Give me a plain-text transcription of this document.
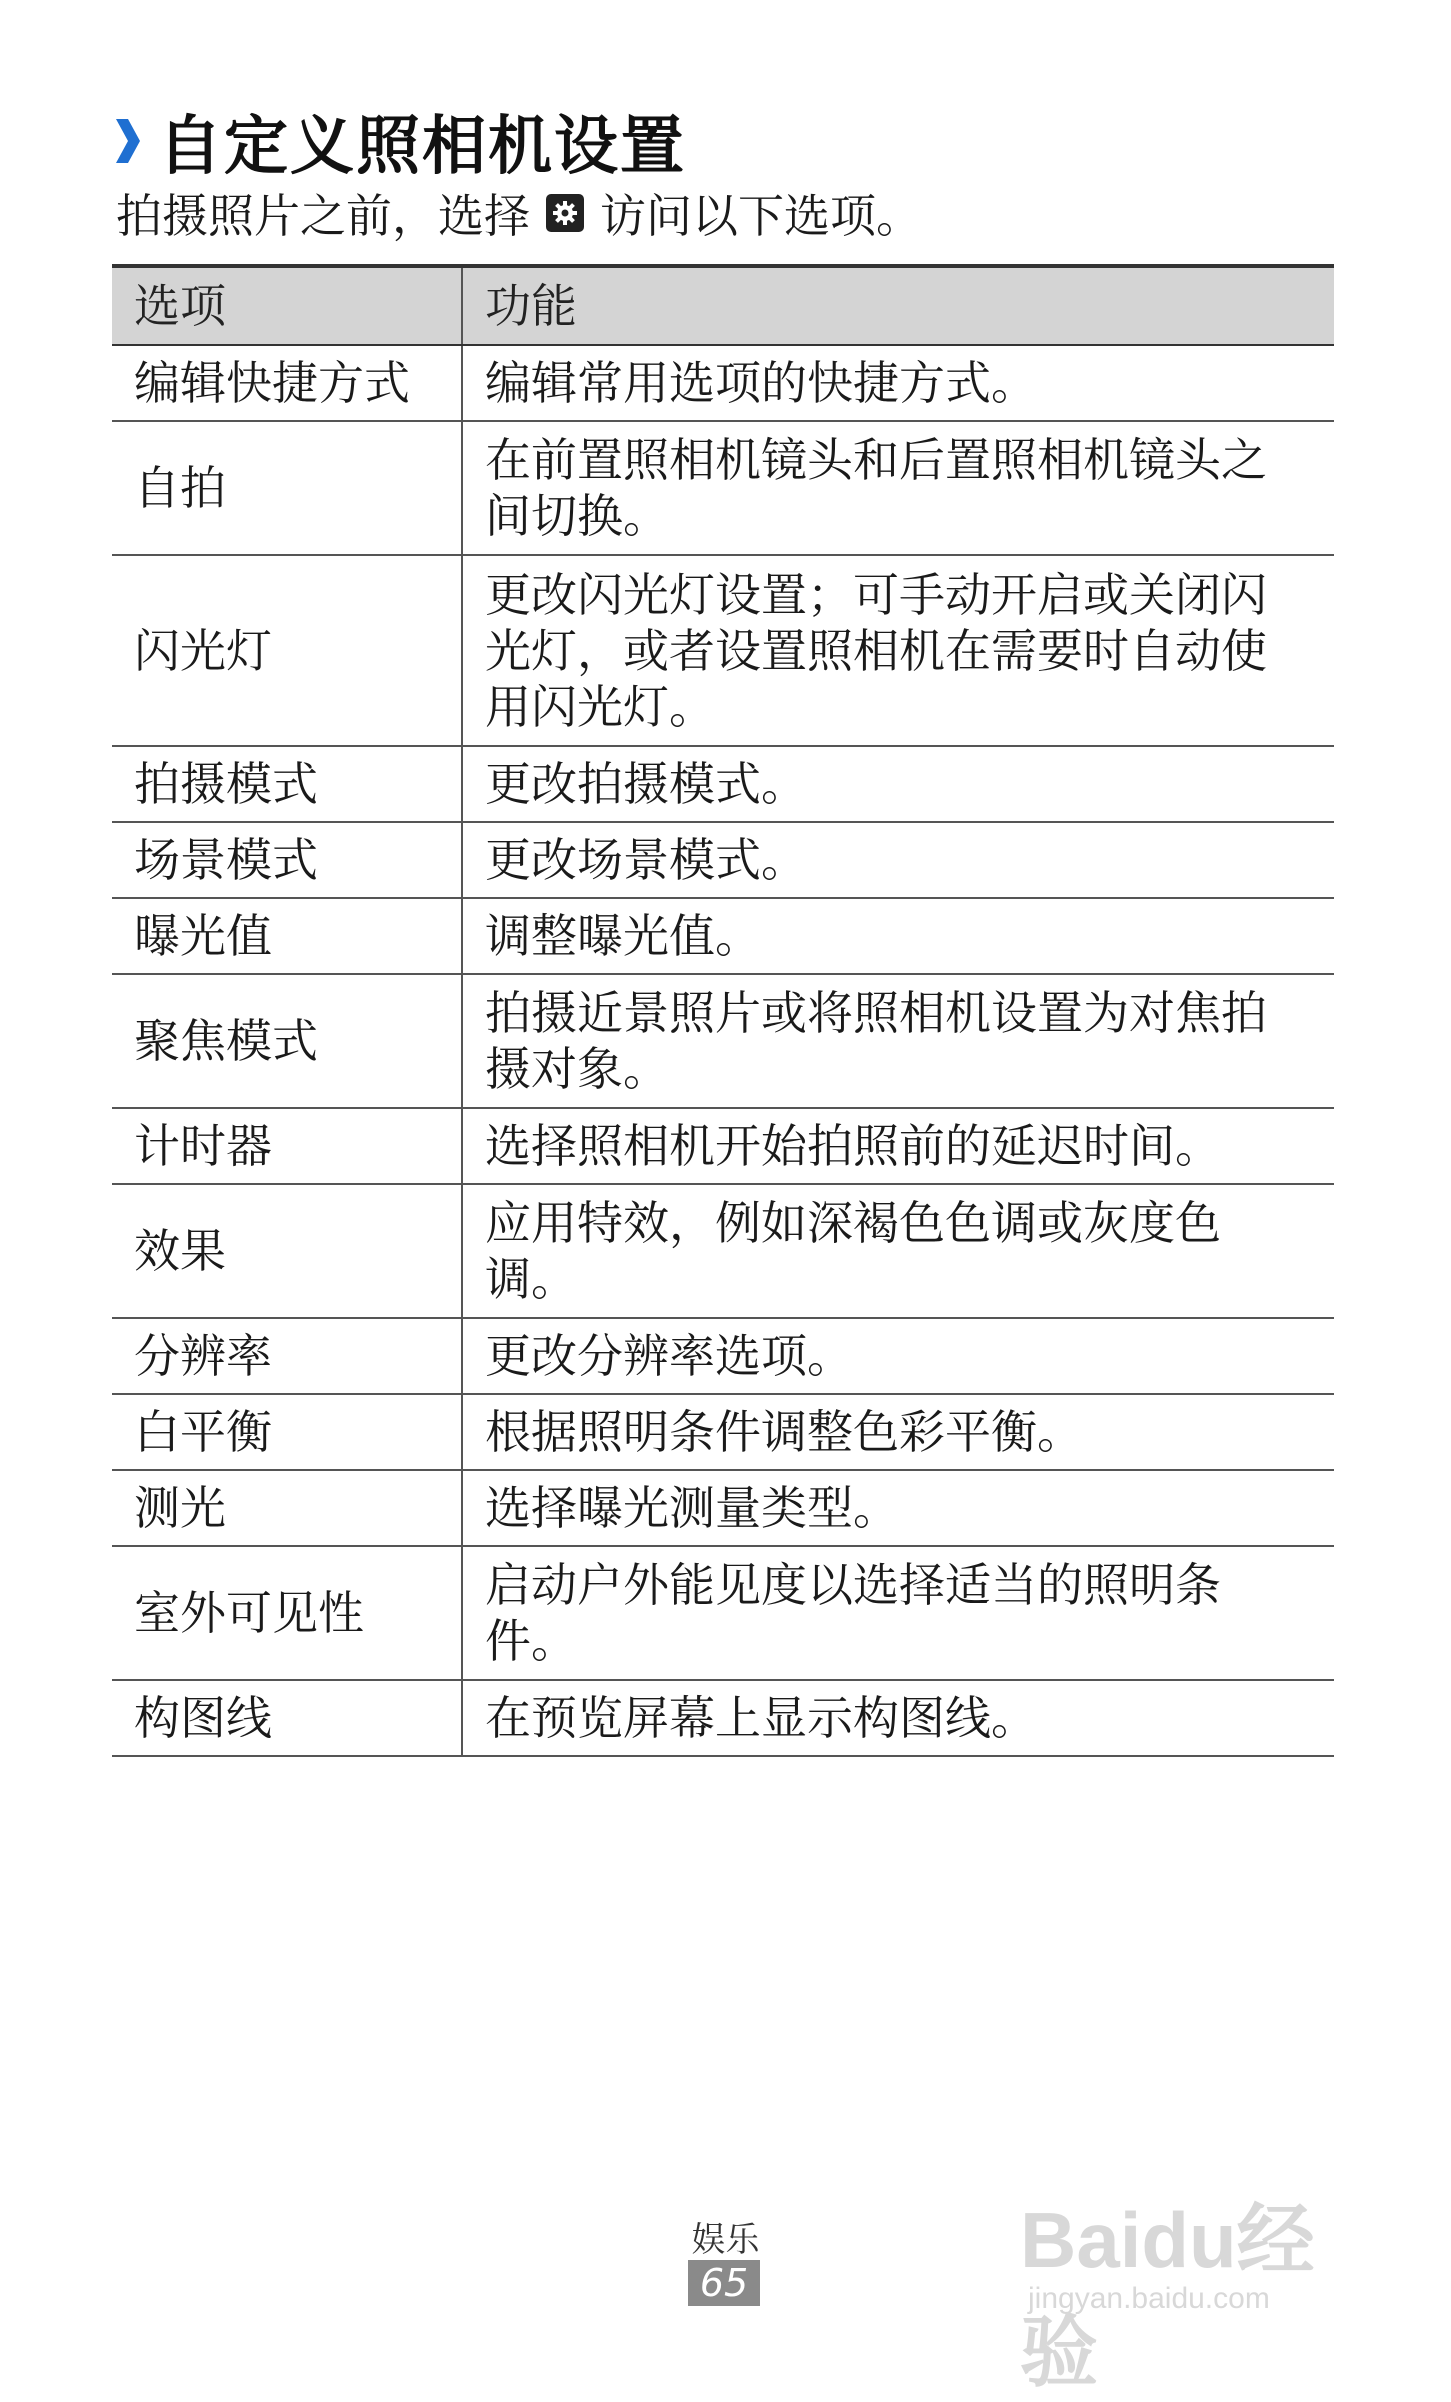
自定义照相机设置
拍摄照片之前，选择 访问以下选项。
选项	功能
编辑快捷方式	编辑常用选项的快捷方式。
自拍	在前置照相机镜头和后置照相机镜头之间切换。
闪光灯	更改闪光灯设置；可手动开启或关闭闪光灯，或者设置照相机在需要时自动使用闪光灯。
拍摄模式	更改拍摄模式。
场景模式	更改场景模式。
曝光值	调整曝光值。
聚焦模式	拍摄近景照片或将照相机设置为对焦拍摄对象。
计时器	选择照相机开始拍照前的延迟时间。
效果	应用特效，例如深褐色色调或灰度色调。
分辨率	更改分辨率选项。
白平衡	根据照明条件调整色彩平衡。
测光	选择曝光测量类型。
室外可见性	启动户外能见度以选择适当的照明条件。
构图线	在预览屏幕上显示构图线。
娱乐
65	Baidu经验
jingyan.baidu.com
